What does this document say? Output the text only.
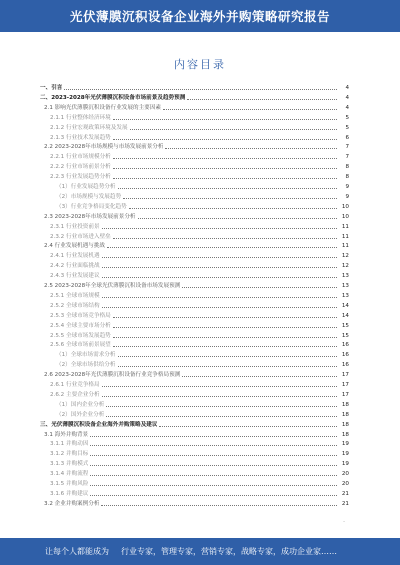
光伏薄膜沉积设备企业海外并购策略研究报告
内容目录
一、引言	4
二、2023-2028年光伏薄膜沉积设备市场前景及趋势预测	4
2.1 影响光伏薄膜沉积设备行业发展的主要因素	4
2.1.1 行业整体经济环境	5
2.1.2 行业宏观政策环境及发展	5
2.1.3 行业技术发展趋势	6
2.2 2023-2028年市场规模与市场发展前景分析	7
2.2.1 行业市场规模分析	7
2.2.2 行业市场前景分析	8
2.2.3 行业发展趋势分析	8
（1）行业发展趋势分析	9
（2）市场规模与发展趋势	9
（3）行业竞争格局变化趋势	10
2.3 2023-2028年市场发展前景分析	10
2.3.1 行业投资前景	11
2.3.2 行业市场进入壁垒	11
2.4 行业发展机遇与挑战	11
2.4.1 行业发展机遇	12
2.4.2 行业面临挑战	12
2.4.3 行业发展建议	13
2.5 2023-2028年全球光伏薄膜沉积设备市场发展预测	13
2.5.1 全球市场规模	13
2.5.2 全球市场结构	14
2.5.3 全球市场竞争格局	14
2.5.4 全球主要市场分析	15
2.5.5 全球市场发展趋势	15
2.5.6 全球市场前景展望	16
（1）全球市场需求分析	16
（2）全球市场供给分析	16
2.6 2023-2028年光伏薄膜沉积设备行业竞争格局预测	17
2.6.1 行业竞争格局	17
2.6.2 主要企业分析	17
（1）国内企业分析	18
（2）国外企业分析	18
三、光伏薄膜沉积设备企业海外并购策略及建议	18
3.1 海外并购背景	18
3.1.1 并购动因	19
3.1.2 并购目标	19
3.1.3 并购模式	19
3.1.4 并购流程	20
3.1.5 并购风险	20
3.1.6 并购建议	21
3.2 企业并购案例分析	21
-
让每个人都能成为 行业专家，管理专家，营销专家，战略专家，成功企业家……
